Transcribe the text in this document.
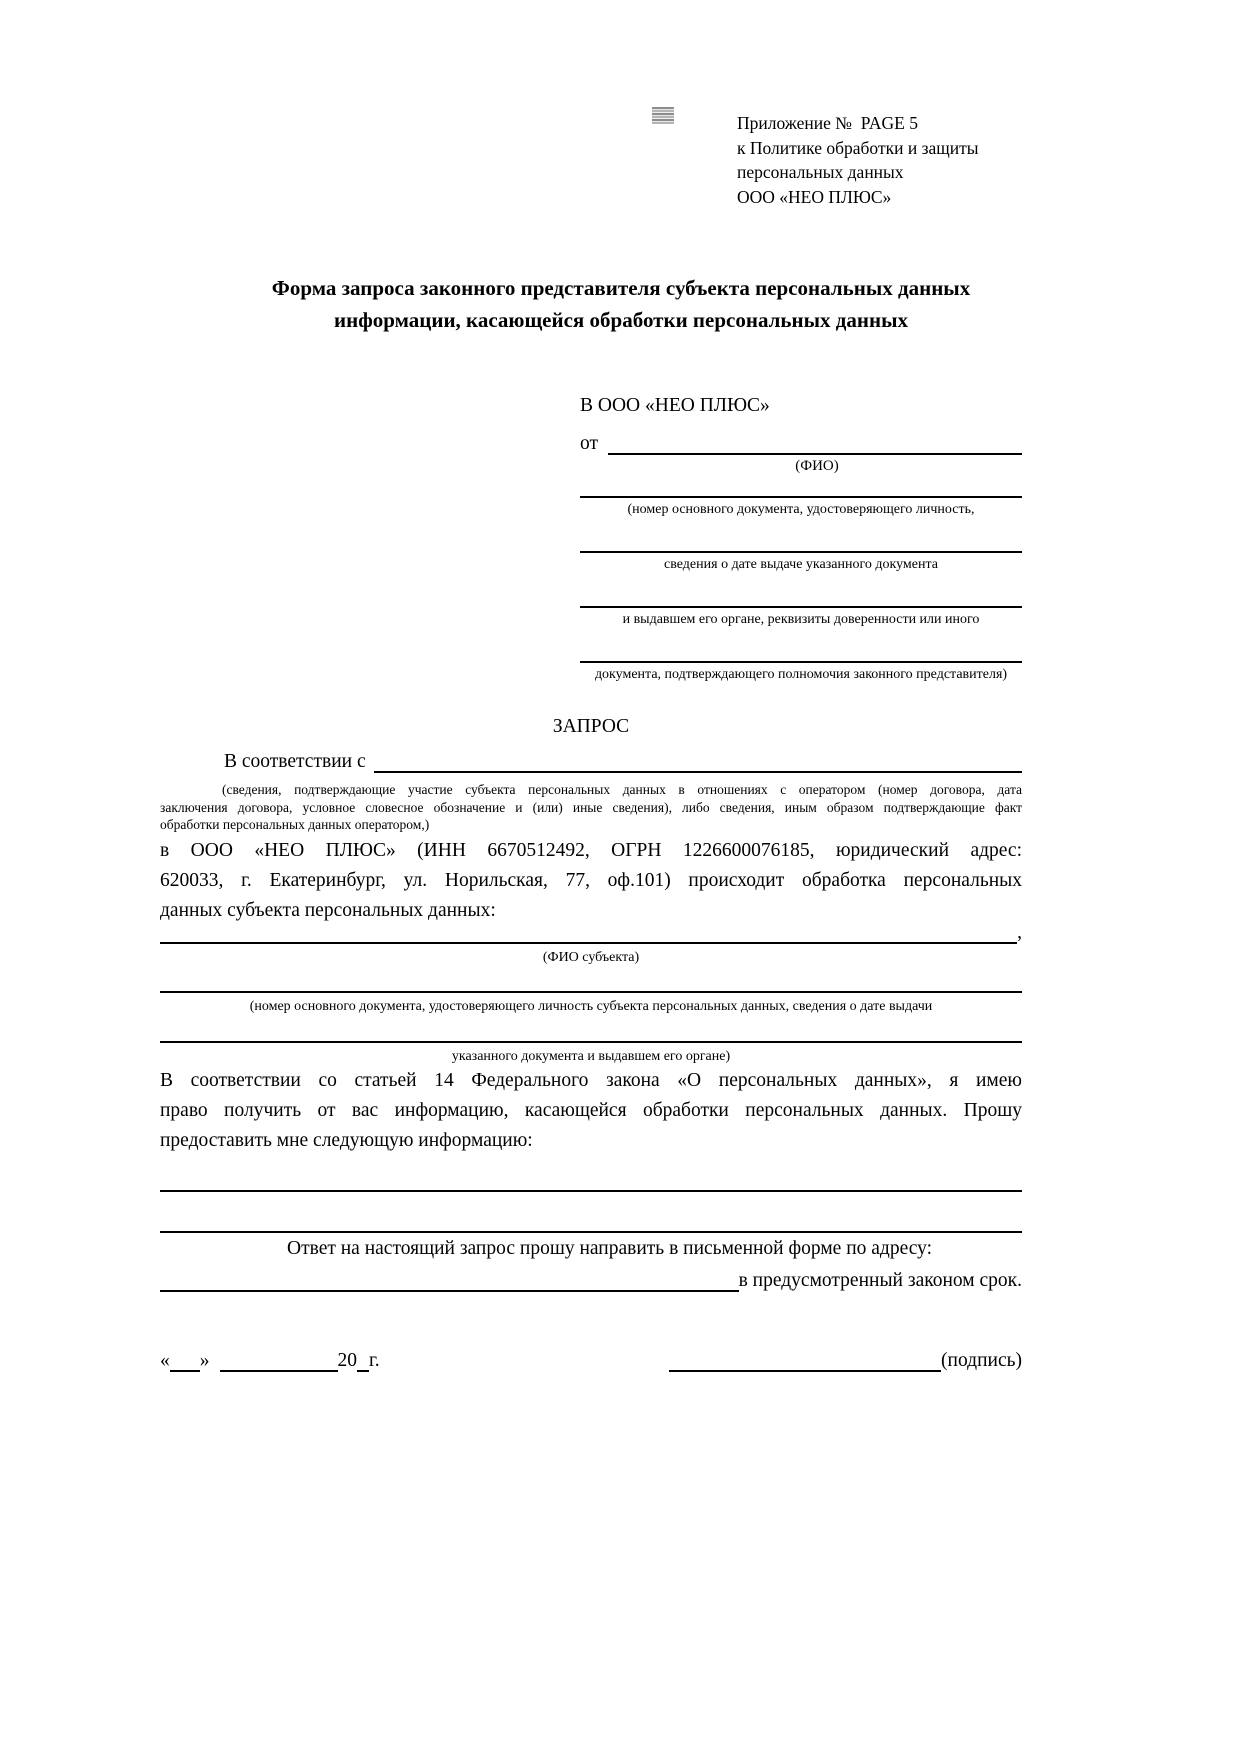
Приложение №  PAGE 5
к Политике обработки и защиты
персональных данных
ООО «НЕО ПЛЮС»
Форма запроса законного представителя субъекта персональных данных
информации, касающейся обработки персональных данных
В ООО «НЕО ПЛЮС»
от
(ФИО)
(номер основного документа, удостоверяющего личность,
сведения о дате выдаче указанного документа
и выдавшем его органе, реквизиты доверенности или иного
документа, подтверждающего полномочия законного представителя)
ЗАПРОС
В соответствии с
(сведения, подтверждающие участие субъекта персональных данных в отношениях с оператором (номер договора, дата
заключения договора, условное словесное обозначение и (или) иные сведения), либо сведения, иным образом подтверждающие факт
обработки персональных данных оператором,)
в ООО «НЕО ПЛЮС» (ИНН 6670512492, ОГРН 1226600076185, юридический адрес:
620033, г. Екатеринбург, ул. Норильская, 77, оф.101) происходит обработка персональных
данных субъекта персональных данных:
,
(ФИО субъекта)
(номер основного документа, удостоверяющего личность субъекта персональных данных, сведения о дате выдачи
указанного документа и выдавшем его органе)
В соответствии со статьей 14 Федерального закона «О персональных данных», я имею
право получить от вас информацию, касающейся обработки персональных данных. Прошу
предоставить мне следующую информацию:
Ответ на настоящий запрос прошу направить в письменной форме по адресу:
в предусмотренный законом срок.
« »	20 г.	(подпись)
